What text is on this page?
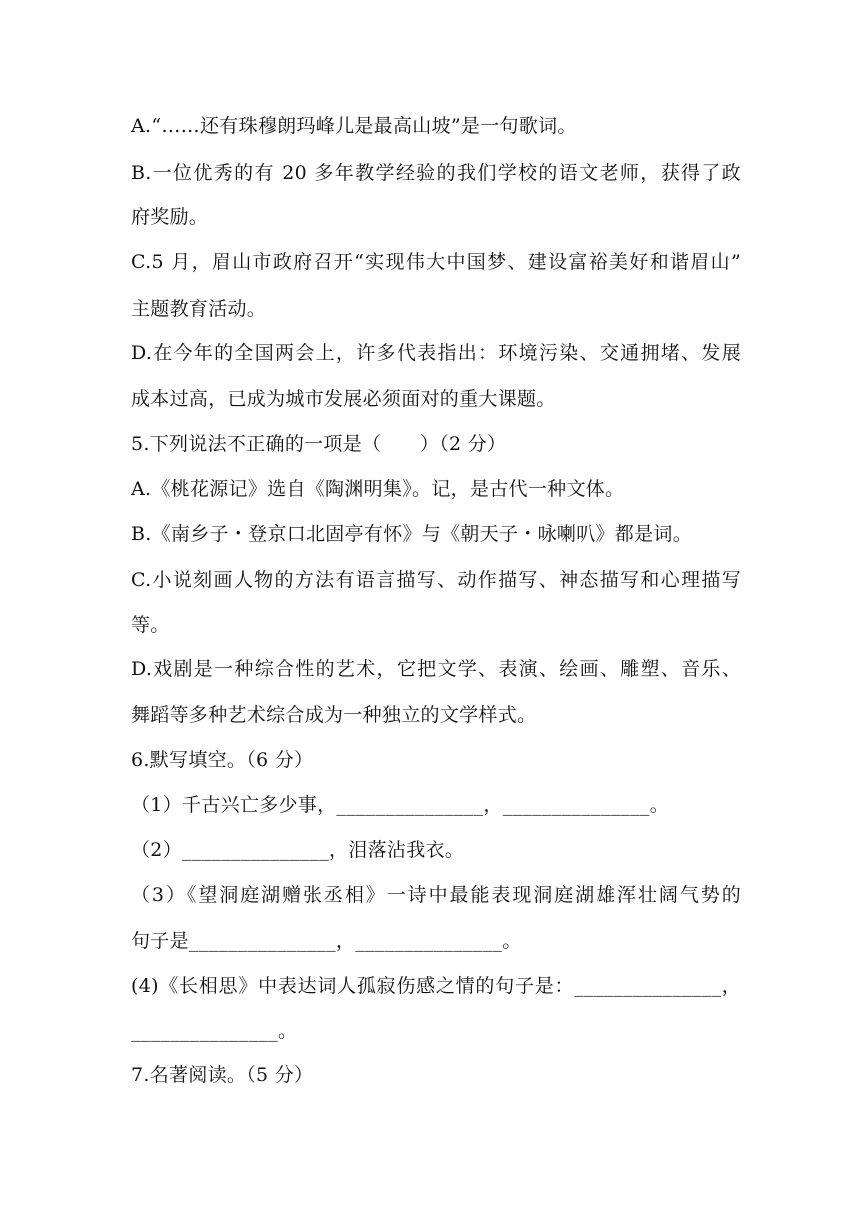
A.“……还有珠穆朗玛峰儿是最高山坡”是一句歌词。
B.一位优秀的有 20 多年教学经验的我们学校的语文老师，获得了政
府奖励。
C.5 月，眉山市政府召开“实现伟大中国梦、建设富裕美好和谐眉山”
主题教育活动。
D.在今年的全国两会上，许多代表指出：环境污染、交通拥堵、发展
成本过高，已成为城市发展必须面对的重大课题。
5.下列说法不正确的一项是（　　）（2 分）
A.《桃花源记》选自《陶渊明集》。记，是古代一种文体。
B.《南乡子・登京口北固亭有怀》与《朝天子・咏喇叭》都是词。
C.小说刻画人物的方法有语言描写、动作描写、神态描写和心理描写
等。
D.戏剧是一种综合性的艺术，它把文学、表演、绘画、雕塑、音乐、
舞蹈等多种艺术综合成为一种独立的文学样式。
6.默写填空。（6 分）
（1）千古兴亡多少事，_______________，_______________。
（2）_______________，泪落沾我衣。
（3）《望洞庭湖赠张丞相》一诗中最能表现洞庭湖雄浑壮阔气势的
句子是_______________，_______________。
(4)《长相思》中表达词人孤寂伤感之情的句子是：_______________，
_______________。
7.名著阅读。（5 分）
